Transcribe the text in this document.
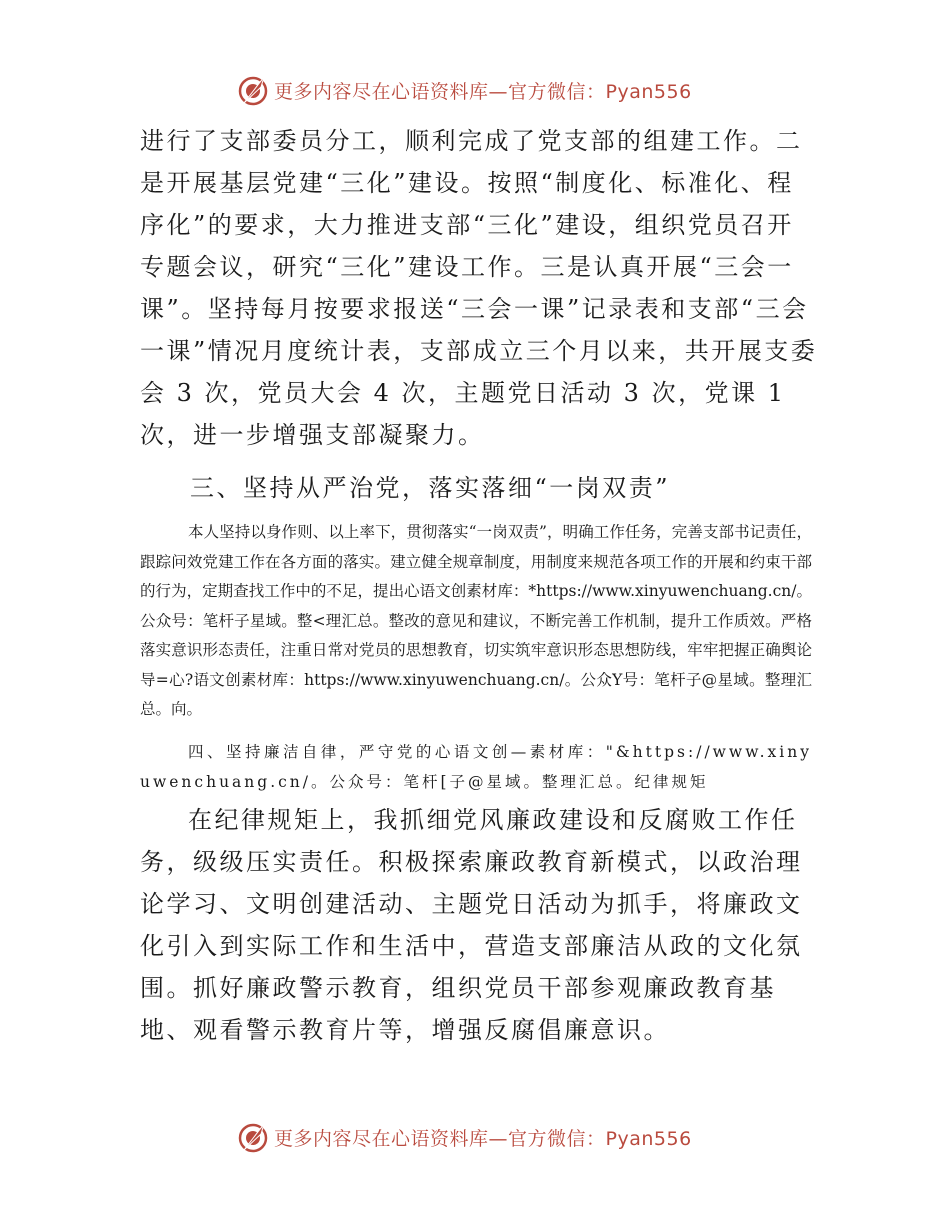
更多内容尽在心语资料库—官方微信：Pyan556

进行了支部委员分工，顺利完成了党支部的组建工作。二是开展基层党建“三化”建设。按照“制度化、标准化、程序化”的要求，大力推进支部“三化”建设，组织党员召开专题会议，研究“三化”建设工作。三是认真开展“三会一课”。坚持每月按要求报送“三会一课”记录表和支部“三会一课”情况月度统计表，支部成立三个月以来，共开展支委会 3 次，党员大会 4 次，主题党日活动 3 次，党课 1 次，进一步增强支部凝聚力。

三、坚持从严治党，落实落细“一岗双责”

本人坚持以身作则、以上率下，贯彻落实“一岗双责”，明确工作任务，完善支部书记责任，跟踪问效党建工作在各方面的落实。建立健全规章制度，用制度来规范各项工作的开展和约束干部的行为，定期查找工作中的不足，提出心语文创素材库：*https://www.xinyuwenchuang.cn/。公众号：笔杆子星域。整<理汇总。整改的意见和建议，不断完善工作机制，提升工作质效。严格落实意识形态责任，注重日常对党员的思想教育，切实筑牢意识形态思想防线，牢牢把握正确舆论导=心?语文创素材库：https://www.xinyuwenchuang.cn/。公众Y号：笔杆子@星域。整理汇总。向。

四、坚持廉洁自律，严守党的心语文创—素材库："&https://www.xinyuwenchuang.cn/。公众号：笔杆[子@星域。整理汇总。纪律规矩

在纪律规矩上，我抓细党风廉政建设和反腐败工作任务，级级压实责任。积极探索廉政教育新模式，以政治理论学习、文明创建活动、主题党日活动为抓手，将廉政文化引入到实际工作和生活中，营造支部廉洁从政的文化氛围。抓好廉政警示教育，组织党员干部参观廉政教育基地、观看警示教育片等，增强反腐倡廉意识。

更多内容尽在心语资料库—官方微信：Pyan556
